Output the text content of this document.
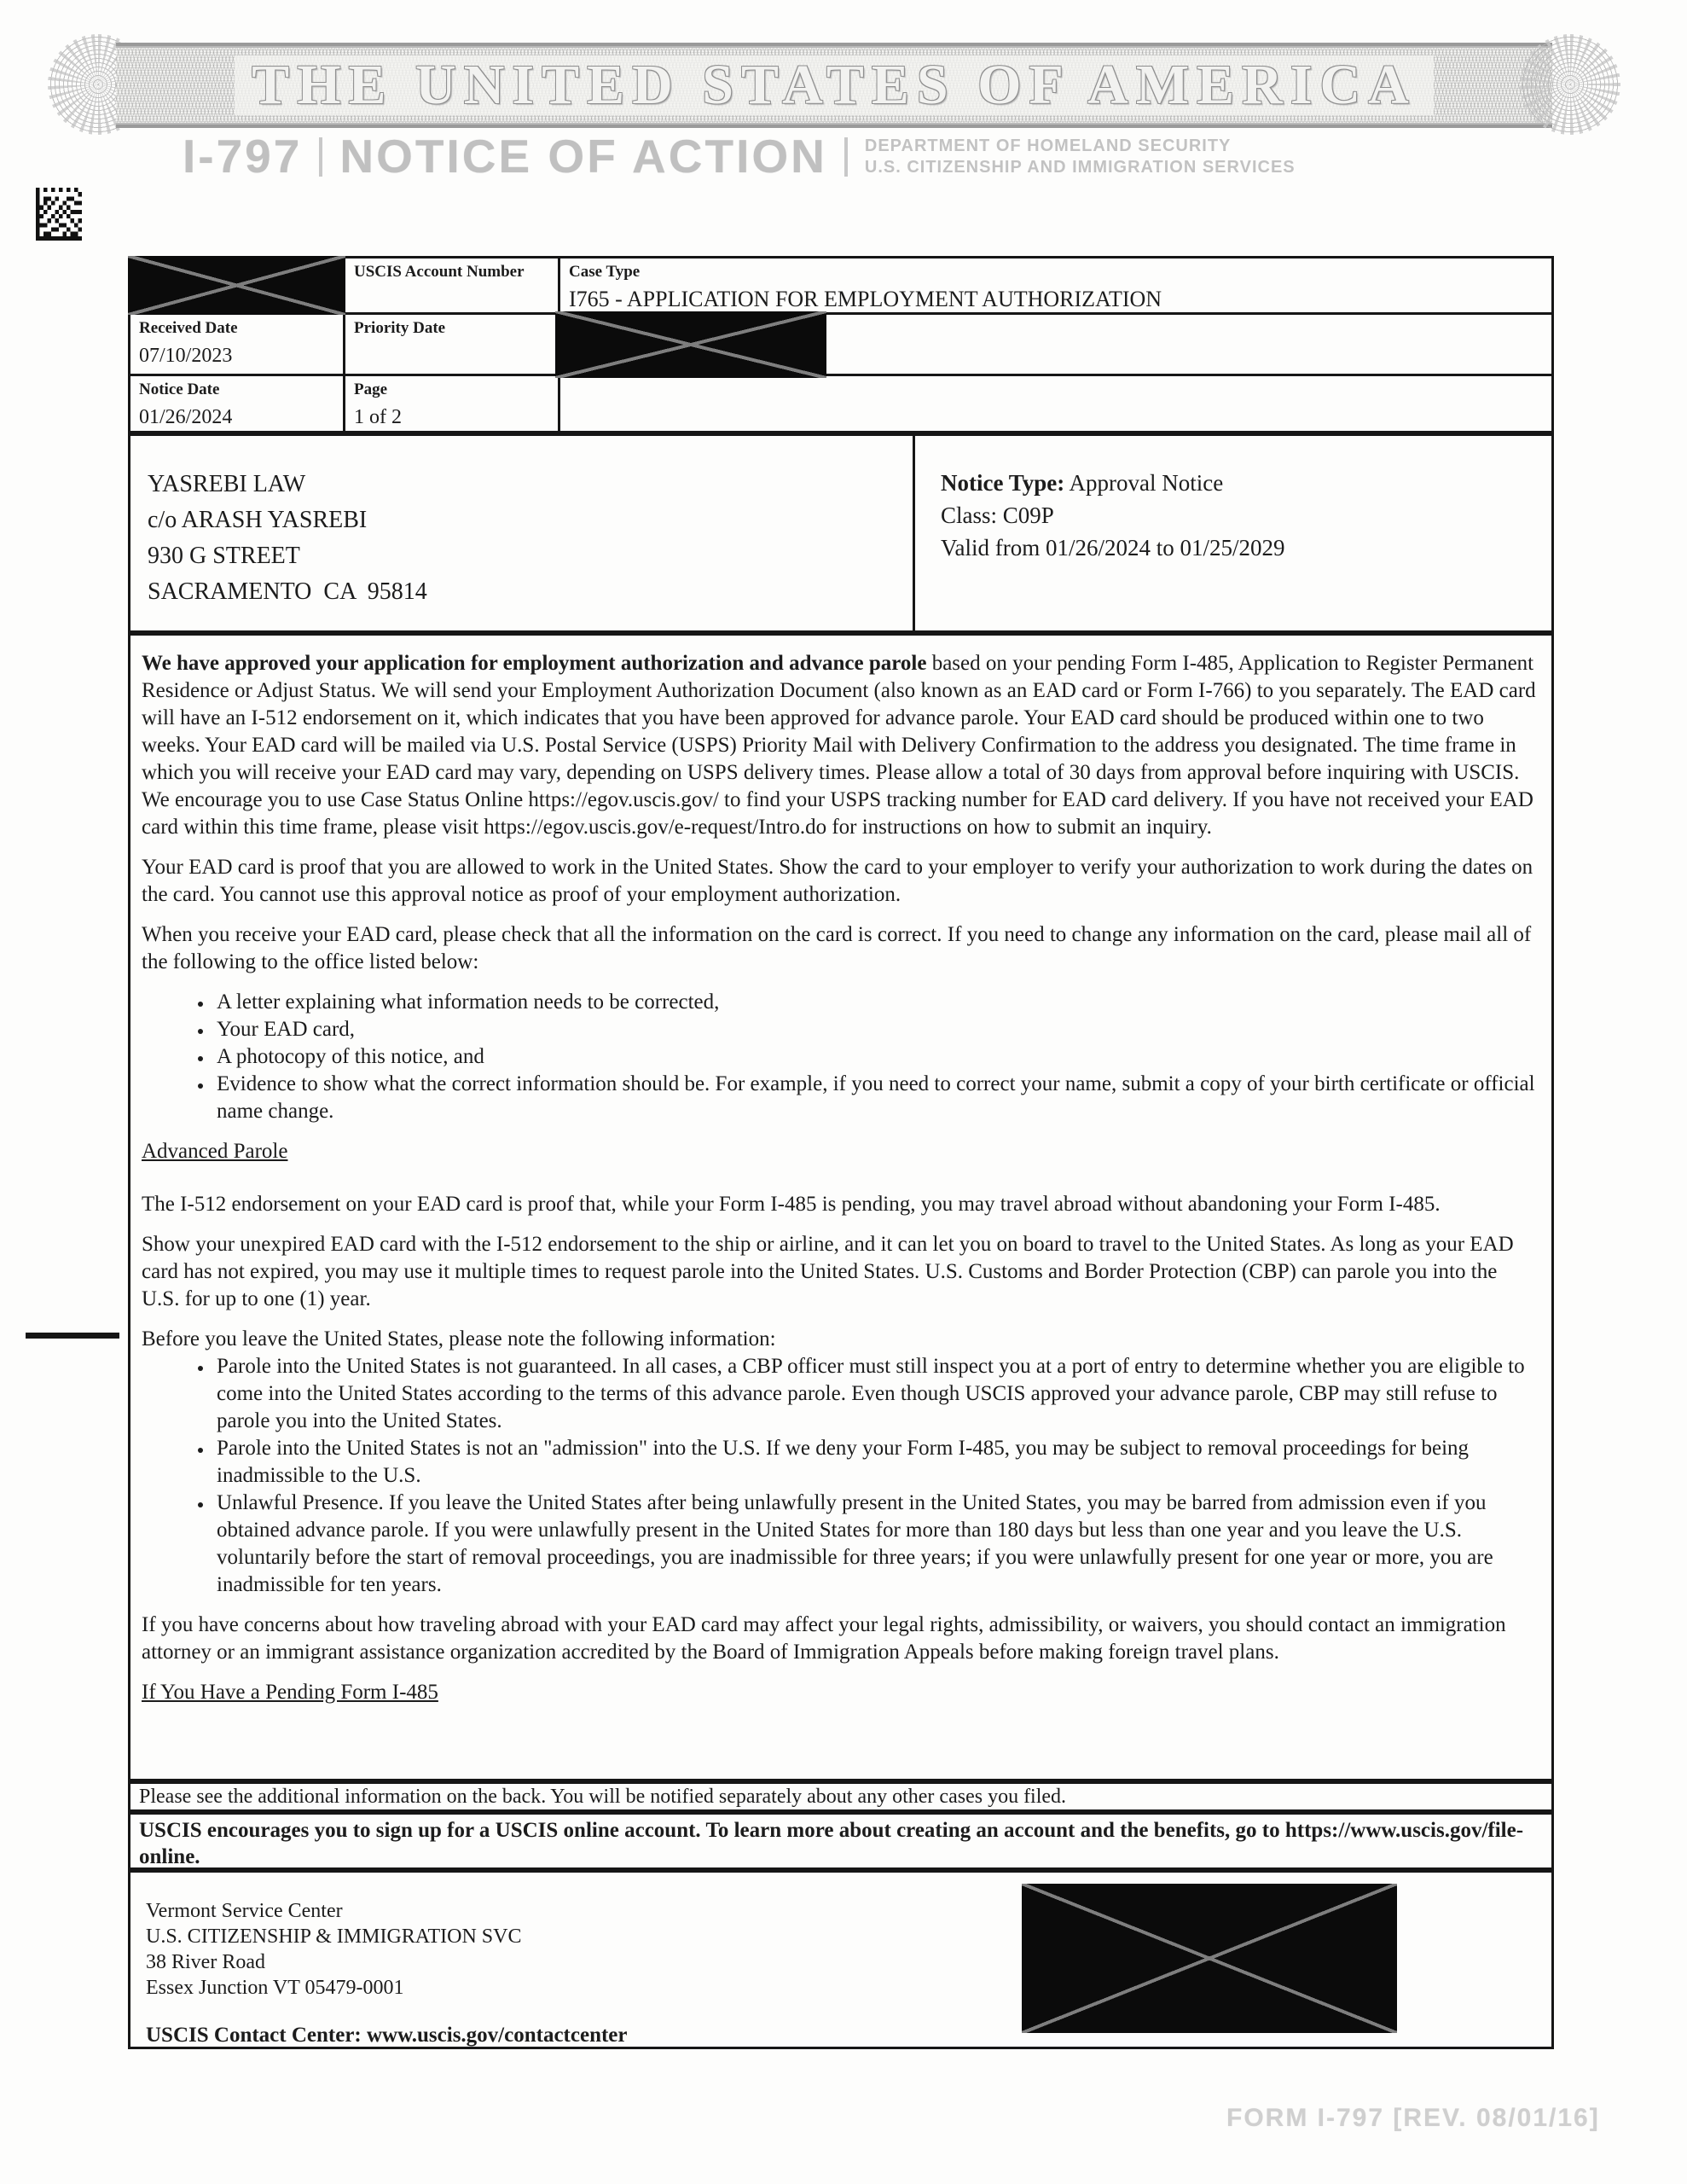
THE UNITED STATES OF AMERICA
I-797 NOTICE OF ACTION DEPARTMENT OF HOMELAND SECURITY
U.S. CITIZENSHIP AND IMMIGRATION SERVICES
USCIS Account Number	Case Type
I765 - APPLICATION FOR EMPLOYMENT AUTHORIZATION
Received Date
07/10/2023
Priority Date
Notice Date
01/26/2024
Page
1 of 2
YASREBI LAW
c/o ARASH YASREBI
930 G STREET
SACRAMENTO  CA  95814
Notice Type: Approval Notice
Class: C09P
Valid from 01/26/2024 to 01/25/2029

We have approved your application for employment authorization and advance parole based on your pending Form I-485, Application to Register Permanent Residence or Adjust Status. We will send your Employment Authorization Document (also known as an EAD card or Form I-766) to you separately. The EAD card will have an I-512 endorsement on it, which indicates that you have been approved for advance parole. Your EAD card should be produced within one to two weeks. Your EAD card will be mailed via U.S. Postal Service (USPS) Priority Mail with Delivery Confirmation to the address you designated. The time frame in which you will receive your EAD card may vary, depending on USPS delivery times. Please allow a total of 30 days from approval before inquiring with USCIS. We encourage you to use Case Status Online https://egov.uscis.gov/ to find your USPS tracking number for EAD card delivery. If you have not received your EAD card within this time frame, please visit https://egov.uscis.gov/e-request/Intro.do for instructions on how to submit an inquiry.

Your EAD card is proof that you are allowed to work in the United States. Show the card to your employer to verify your authorization to work during the dates on the card. You cannot use this approval notice as proof of your employment authorization.

When you receive your EAD card, please check that all the information on the card is correct. If you need to change any information on the card, please mail all of the following to the office listed below:

• A letter explaining what information needs to be corrected,
• Your EAD card,
• A photocopy of this notice, and
• Evidence to show what the correct information should be. For example, if you need to correct your name, submit a copy of your birth certificate or official name change.
Advanced Parole

The I-512 endorsement on your EAD card is proof that, while your Form I-485 is pending, you may travel abroad without abandoning your Form I-485.

Show your unexpired EAD card with the I-512 endorsement to the ship or airline, and it can let you on board to travel to the United States. As long as your EAD card has not expired, you may use it multiple times to request parole into the United States. U.S. Customs and Border Protection (CBP) can parole you into the U.S. for up to one (1) year.

Before you leave the United States, please note the following information:

• Parole into the United States is not guaranteed. In all cases, a CBP officer must still inspect you at a port of entry to determine whether you are eligible to come into the United States according to the terms of this advance parole. Even though USCIS approved your advance parole, CBP may still refuse to parole you into the United States.
• Parole into the United States is not an "admission" into the U.S. If we deny your Form I-485, you may be subject to removal proceedings for being inadmissible to the U.S.
• Unlawful Presence. If you leave the United States after being unlawfully present in the United States, you may be barred from admission even if you obtained advance parole. If you were unlawfully present in the United States for more than 180 days but less than one year and you leave the U.S. voluntarily before the start of removal proceedings, you are inadmissible for three years; if you were unlawfully present for one year or more, you are inadmissible for ten years.

If you have concerns about how traveling abroad with your EAD card may affect your legal rights, admissibility, or waivers, you should contact an immigration attorney or an immigrant assistance organization accredited by the Board of Immigration Appeals before making foreign travel plans.

If You Have a Pending Form I-485
Please see the additional information on the back. You will be notified separately about any other cases you filed.
USCIS encourages you to sign up for a USCIS online account. To learn more about creating an account and the benefits, go to https://www.uscis.gov/file-online.
Vermont Service Center
U.S. CITIZENSHIP & IMMIGRATION SVC
38 River Road
Essex Junction VT 05479-0001
USCIS Contact Center: www.uscis.gov/contactcenter
FORM I-797 [REV. 08/01/16]
